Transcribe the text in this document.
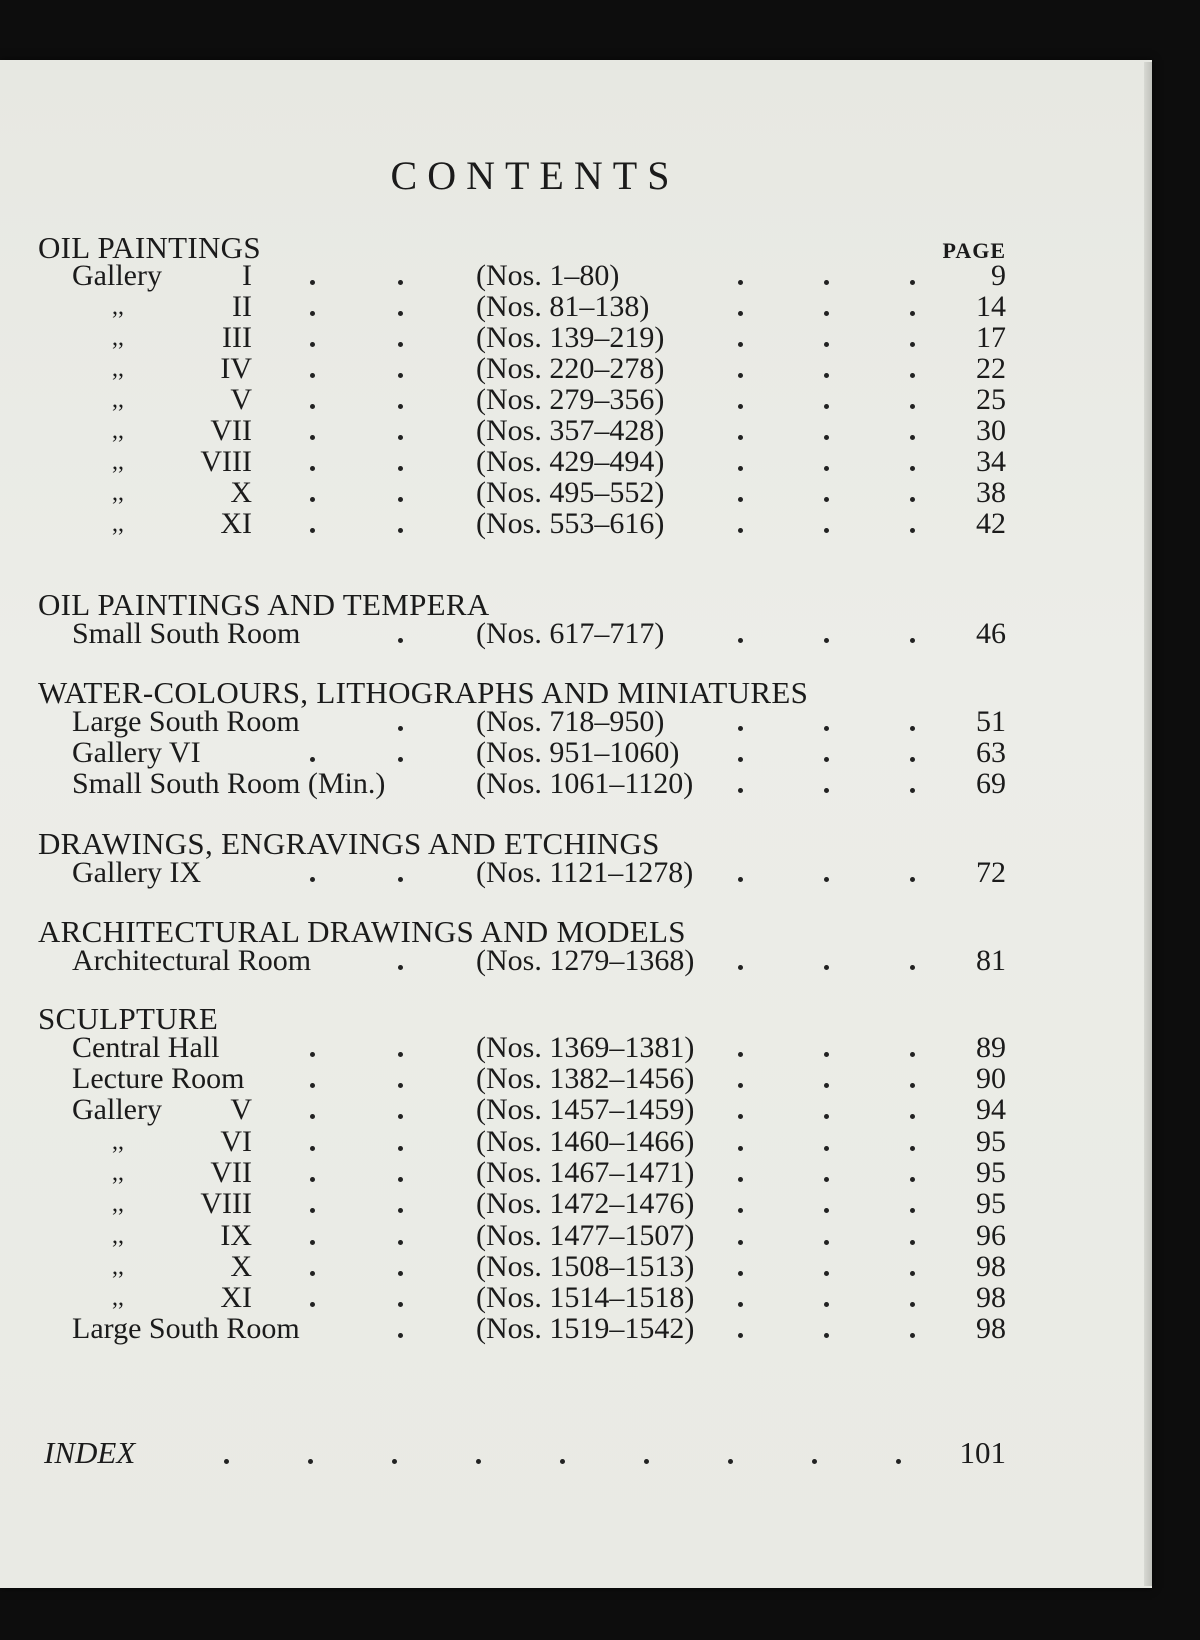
CONTENTS
PAGE
OIL PAINTINGS
Gallery	I	(Nos. 1–80)	9
,,	II	(Nos. 81–138)	14
,,	III	(Nos. 139–219)	17
,,	IV	(Nos. 220–278)	22
,,	V	(Nos. 279–356)	25
,,	VII	(Nos. 357–428)	30
,,	VIII	(Nos. 429–494)	34
,,	X	(Nos. 495–552)	38
,,	XI	(Nos. 553–616)	42
OIL PAINTINGS AND TEMPERA
Small South Room	(Nos. 617–717)	46
WATER-COLOURS, LITHOGRAPHS AND MINIATURES
Large South Room	(Nos. 718–950)	51
Gallery VI	(Nos. 951–1060)	63
Small South Room (Min.)	(Nos. 1061–1120)	69
DRAWINGS, ENGRAVINGS AND ETCHINGS
Gallery IX	(Nos. 1121–1278)	72
ARCHITECTURAL DRAWINGS AND MODELS
Architectural Room	(Nos. 1279–1368)	81
SCULPTURE
Central Hall	(Nos. 1369–1381)	89
Lecture Room	(Nos. 1382–1456)	90
Gallery	V	(Nos. 1457–1459)	94
,,	VI	(Nos. 1460–1466)	95
,,	VII	(Nos. 1467–1471)	95
,,	VIII	(Nos. 1472–1476)	95
,,	IX	(Nos. 1477–1507)	96
,,	X	(Nos. 1508–1513)	98
,,	XI	(Nos. 1514–1518)	98
Large South Room	(Nos. 1519–1542)	98
INDEX	101
